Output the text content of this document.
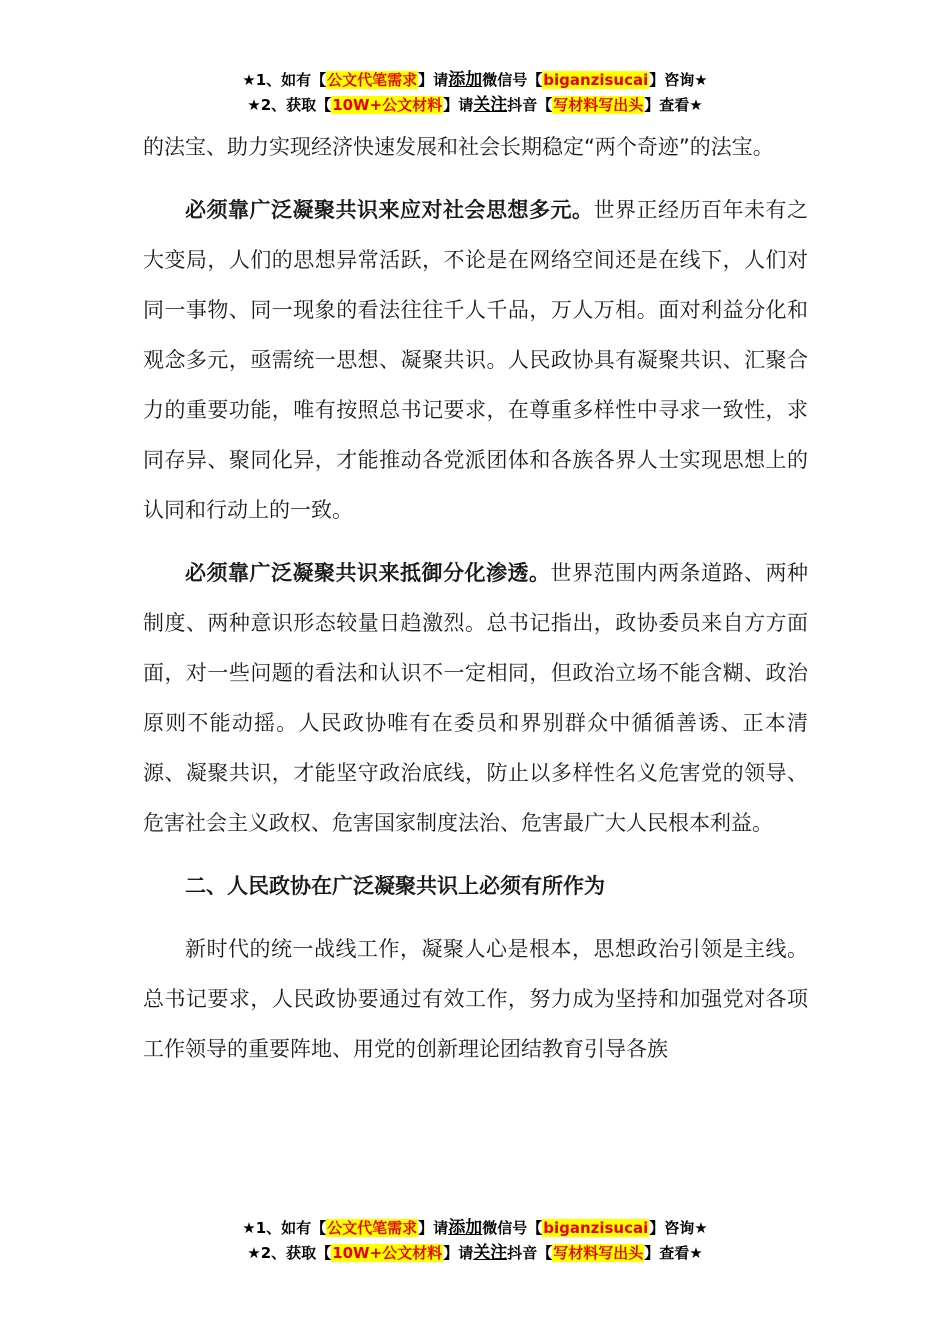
★1、如有【公文代笔需求】请添加微信号【biganzisucai】咨询★
★2、获取【10W+公文材料】请关注抖音【写材料写出头】查看★

的法宝、助力实现经济快速发展和社会长期稳定“两个奇迹”的法宝。

必须靠广泛凝聚共识来应对社会思想多元。世界正经历百年未有之大变局，人们的思想异常活跃，不论是在网络空间还是在线下，人们对同一事物、同一现象的看法往往千人千品，万人万相。面对利益分化和观念多元，亟需统一思想、凝聚共识。人民政协具有凝聚共识、汇聚合力的重要功能，唯有按照总书记要求，在尊重多样性中寻求一致性，求同存异、聚同化异，才能推动各党派团体和各族各界人士实现思想上的认同和行动上的一致。

必须靠广泛凝聚共识来抵御分化渗透。世界范围内两条道路、两种制度、两种意识形态较量日趋激烈。总书记指出，政协委员来自方方面面，对一些问题的看法和认识不一定相同，但政治立场不能含糊、政治原则不能动摇。人民政协唯有在委员和界别群众中循循善诱、正本清源、凝聚共识，才能坚守政治底线，防止以多样性名义危害党的领导、危害社会主义政权、危害国家制度法治、危害最广大人民根本利益。

二、人民政协在广泛凝聚共识上必须有所作为

新时代的统一战线工作，凝聚人心是根本，思想政治引领是主线。总书记要求，人民政协要通过有效工作，努力成为坚持和加强党对各项工作领导的重要阵地、用党的创新理论团结教育引导各族

★1、如有【公文代笔需求】请添加微信号【biganzisucai】咨询★
★2、获取【10W+公文材料】请关注抖音【写材料写出头】查看★
